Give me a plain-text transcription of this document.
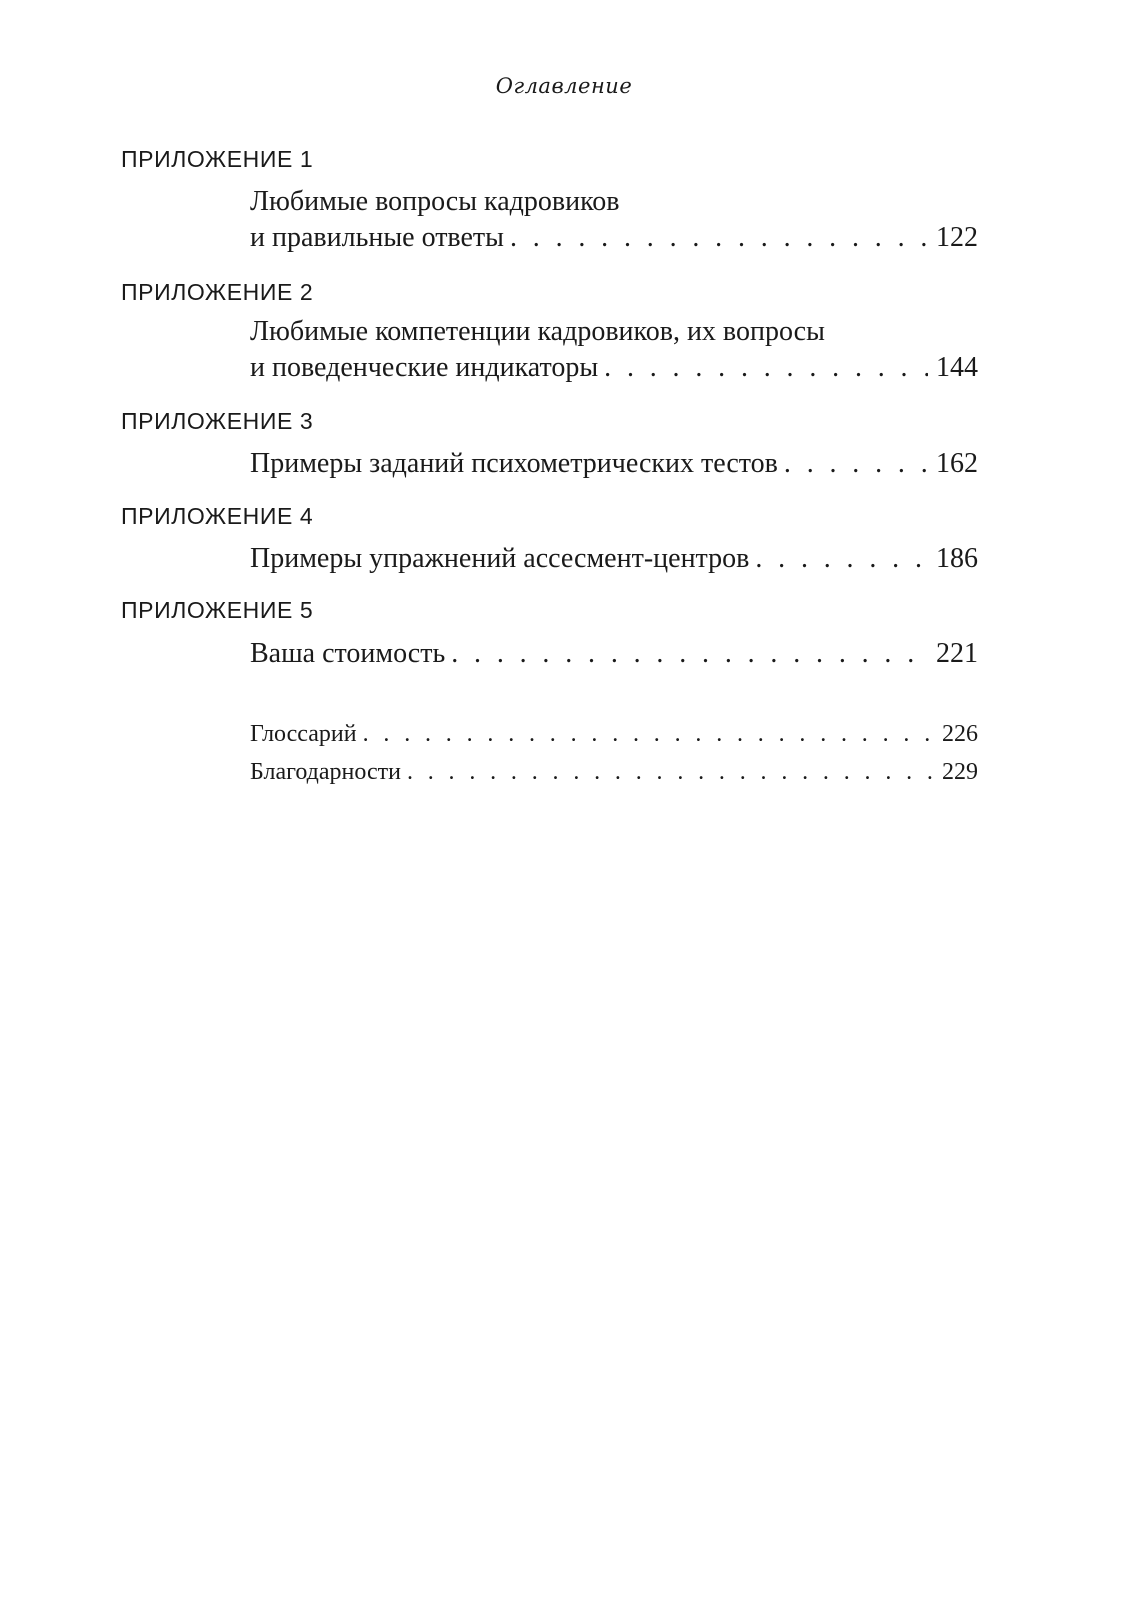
Оглавление
ПРИЛОЖЕНИЕ 1
Любимые вопросы кадровиков
и правильные ответы . . .	122
ПРИЛОЖЕНИЕ 2
Любимые компетенции кадровиков, их вопросы
и поведенческие индикаторы . . .	144
ПРИЛОЖЕНИЕ 3
Примеры заданий психометрических тестов . . .	162
ПРИЛОЖЕНИЕ 4
Примеры упражнений ассесмент-центров . . .	186
ПРИЛОЖЕНИЕ 5
Ваша стоимость . . .	221
Глоссарий . . .	226
Благодарности . . .	229
